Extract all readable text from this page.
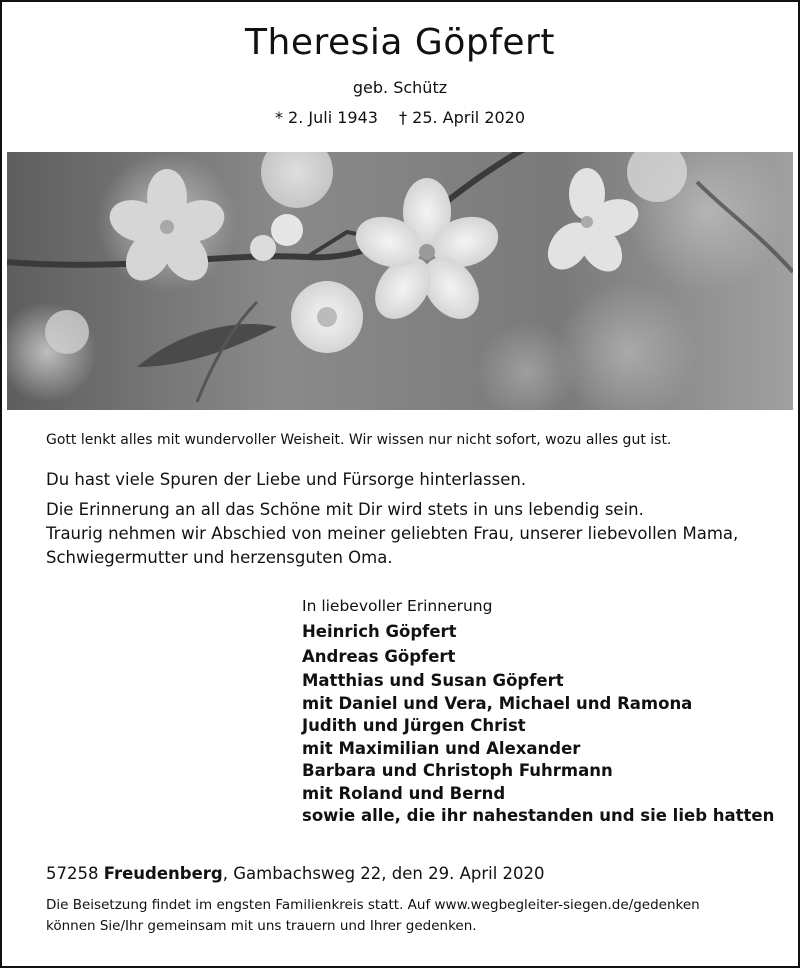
Theresia Göpfert
geb. Schütz
* 2. Juli 1943 † 25. April 2020
Gott lenkt alles mit wundervoller Weisheit. Wir wissen nur nicht sofort, wozu alles gut ist.
Du hast viele Spuren der Liebe und Fürsorge hinterlassen.
Die Erinnerung an all das Schöne mit Dir wird stets in uns lebendig sein.
Traurig nehmen wir Abschied von meiner geliebten Frau, unserer liebevollen Mama,
Schwiegermutter und herzensguten Oma.
In liebevoller Erinnerung
Heinrich Göpfert
Andreas Göpfert
Matthias und Susan Göpfert
mit Daniel und Vera, Michael und Ramona
Judith und Jürgen Christ
mit Maximilian und Alexander
Barbara und Christoph Fuhrmann
mit Roland und Bernd
sowie alle, die ihr nahestanden und sie lieb hatten
57258 Freudenberg, Gambachsweg 22, den 29. April 2020
Die Beisetzung findet im engsten Familienkreis statt. Auf www.wegbegleiter-siegen.de/gedenken
können Sie/Ihr gemeinsam mit uns trauern und Ihrer gedenken.
